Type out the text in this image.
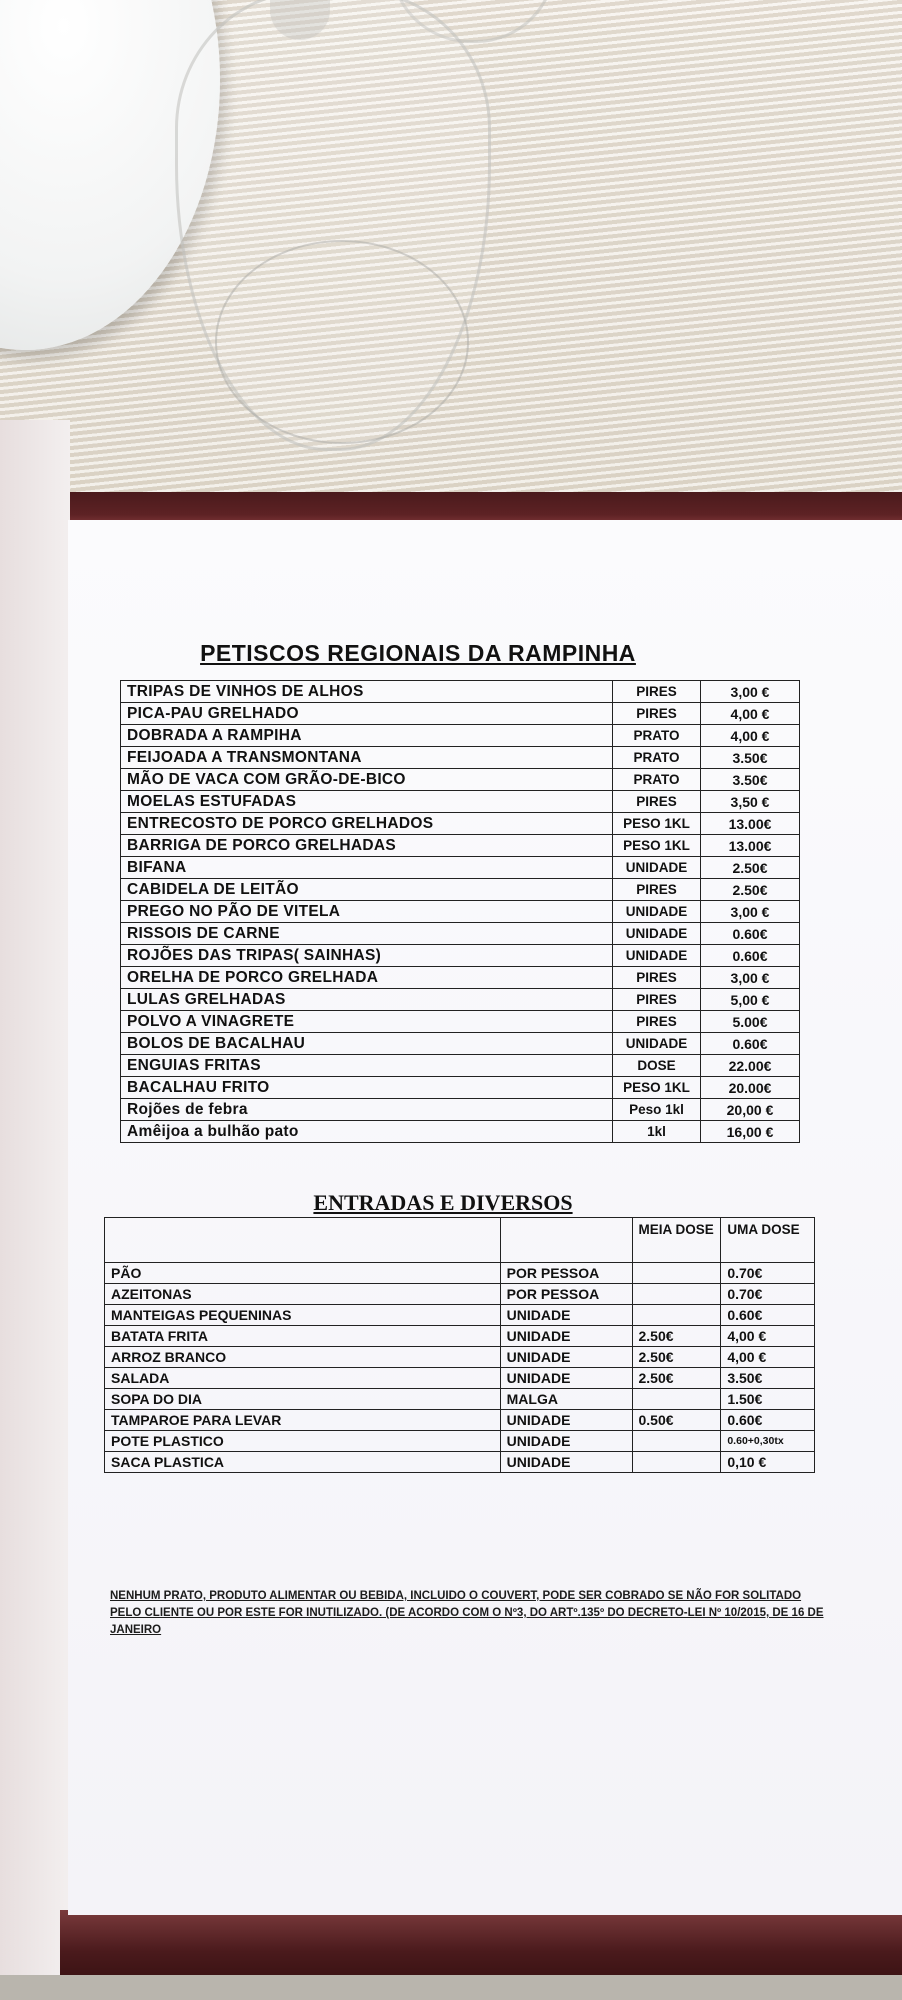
PETISCOS REGIONAIS DA RAMPINHA
TRIPAS DE VINHOS DE ALHOS	PIRES	3,00 €
PICA-PAU GRELHADO	PIRES	4,00 €
DOBRADA A RAMPIHA	PRATO	4,00 €
FEIJOADA A TRANSMONTANA	PRATO	3.50€
MÃO DE VACA COM GRÃO-DE-BICO	PRATO	3.50€
MOELAS ESTUFADAS	PIRES	3,50 €
ENTRECOSTO DE PORCO GRELHADOS	PESO 1KL	13.00€
BARRIGA DE PORCO GRELHADAS	PESO 1KL	13.00€
BIFANA	UNIDADE	2.50€
CABIDELA DE LEITÃO	PIRES	2.50€
PREGO NO PÃO DE VITELA	UNIDADE	3,00 €
RISSOIS DE CARNE	UNIDADE	0.60€
ROJÕES DAS TRIPAS( SAINHAS)	UNIDADE	0.60€
ORELHA DE PORCO GRELHADA	PIRES	3,00 €
LULAS GRELHADAS	PIRES	5,00 €
POLVO A VINAGRETE	PIRES	5.00€
BOLOS DE BACALHAU	UNIDADE	0.60€
ENGUIAS FRITAS	DOSE	22.00€
BACALHAU FRITO	PESO 1KL	20.00€
Rojões de febra	Peso 1kl	20,00 €
Amêijoa a bulhão pato	1kl	16,00 €
ENTRADAS E DIVERSOS
		MEIA DOSE	UMA DOSE
PÃO	POR PESSOA		0.70€
AZEITONAS	POR PESSOA		0.70€
MANTEIGAS PEQUENINAS	UNIDADE		0.60€
BATATA FRITA	UNIDADE	2.50€	4,00 €
ARROZ BRANCO	UNIDADE	2.50€	4,00 €
SALADA	UNIDADE	2.50€	3.50€
SOPA DO DIA	MALGA		1.50€
TAMPAROE PARA LEVAR	UNIDADE	0.50€	0.60€
POTE PLASTICO	UNIDADE		0.60+0,30tx
SACA PLASTICA	UNIDADE		0,10 €
NENHUM PRATO, PRODUTO ALIMENTAR OU BEBIDA, INCLUIDO O COUVERT, PODE SER COBRADO SE NÃO FOR SOLITADO PELO CLIENTE OU POR ESTE FOR INUTILIZADO. (DE ACORDO COM O Nº3, DO ARTº.135º DO DECRETO-LEI Nº 10/2015, DE 16 DE JANEIRO
